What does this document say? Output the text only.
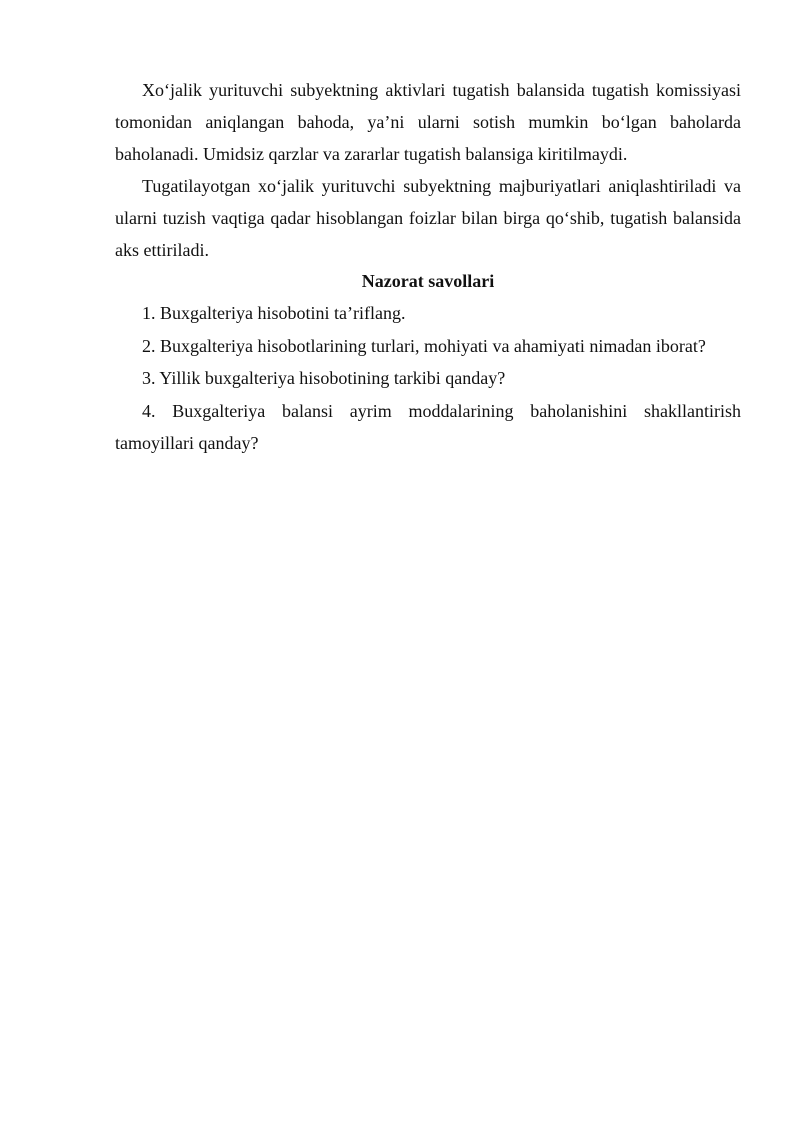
Xo‘jalik yurituvchi subyektning aktivlari tugatish balansida tugatish komissiyasi tomonidan aniqlangan bahoda, ya’ni ularni sotish mumkin bo‘lgan baholarda baholanadi. Umidsiz qarzlar va zararlar tugatish balansiga kiritilmaydi.

Tugatilayotgan xo‘jalik yurituvchi subyektning majburiyatlari aniqlashtiriladi va ularni tuzish vaqtiga qadar hisoblangan foizlar bilan birga qo‘shib, tugatish balansida aks ettiriladi.

Nazorat savollari

1. Buxgalteriya hisobotini ta’riflang.
2. Buxgalteriya hisobotlarining turlari, mohiyati va ahamiyati nimadan iborat?
3. Yillik buxgalteriya hisobotining tarkibi qanday?
4. Buxgalteriya balansi ayrim moddalarining baholanishini shakllantirish tamoyillari qanday?
